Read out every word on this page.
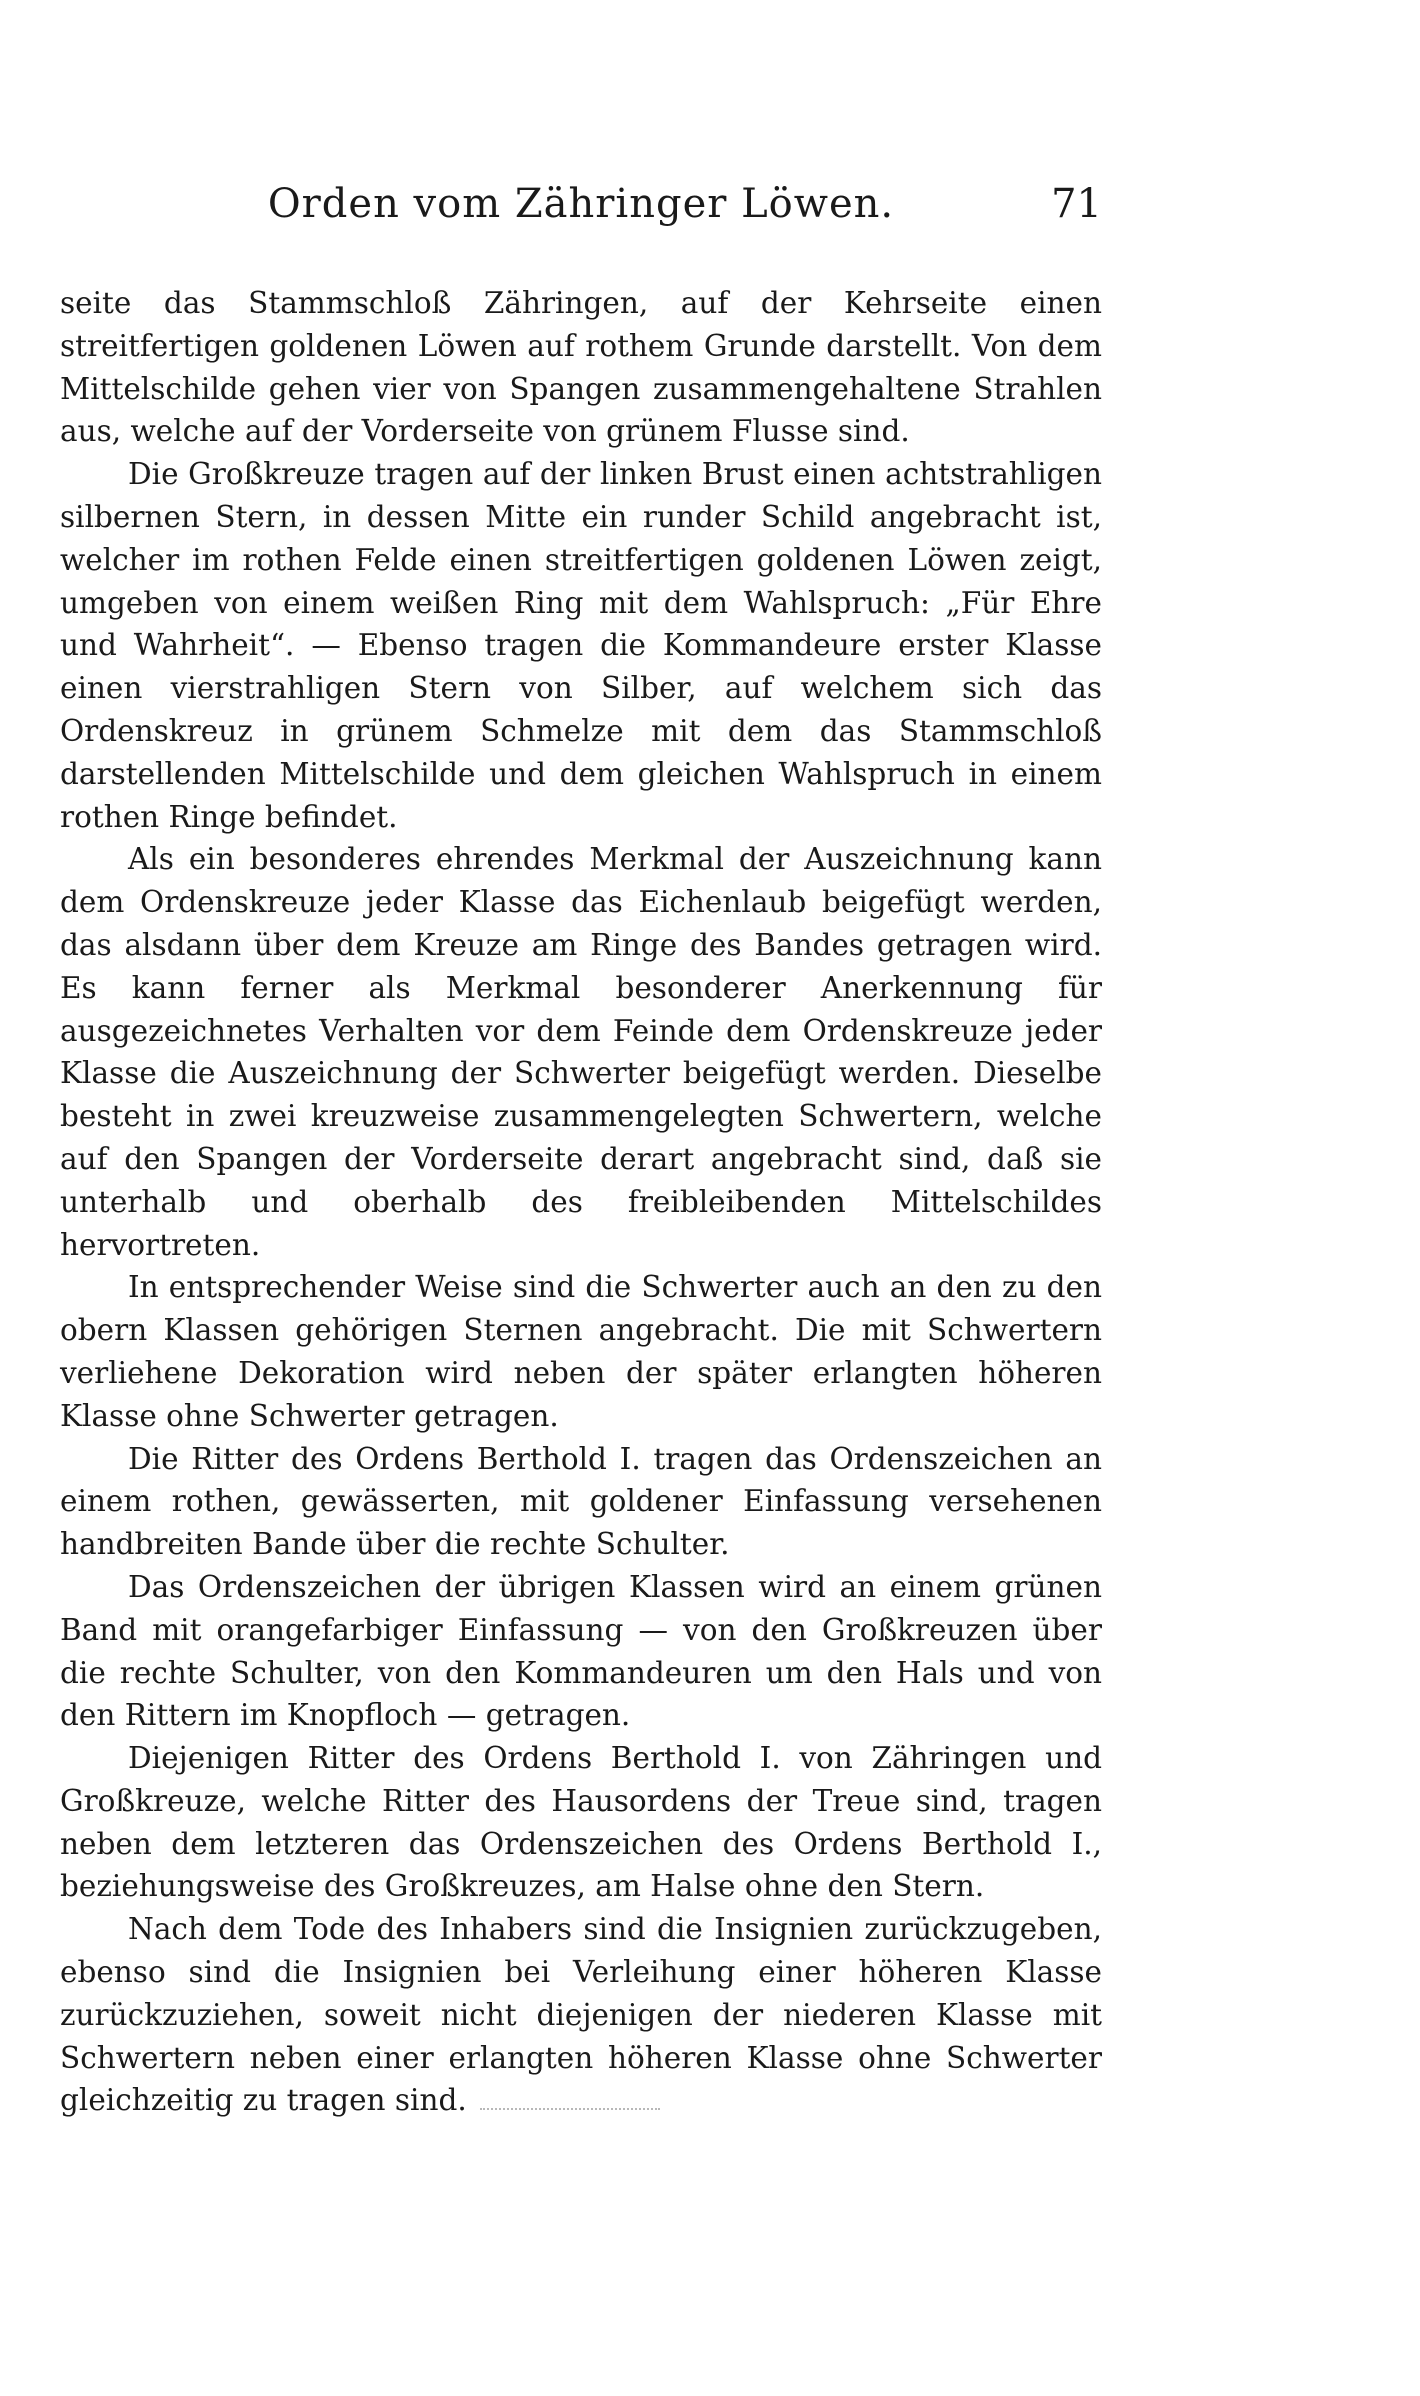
Orden vom Zähringer Löwen.	71

seite das Stammschloß Zähringen, auf der Kehrseite einen streitfertigen goldenen Löwen auf rothem Grunde darstellt. Von dem Mittelschilde gehen vier von Spangen zusammengehaltene Strahlen aus, welche auf der Vorderseite von grünem Flusse sind.

Die Großkreuze tragen auf der linken Brust einen achtstrahligen silbernen Stern, in dessen Mitte ein runder Schild angebracht ist, welcher im rothen Felde einen streitfertigen goldenen Löwen zeigt, umgeben von einem weißen Ring mit dem Wahlspruch: „Für Ehre und Wahrheit“. — Ebenso tragen die Kommandeure erster Klasse einen vierstrahligen Stern von Silber, auf welchem sich das Ordenskreuz in grünem Schmelze mit dem das Stammschloß darstellenden Mittelschilde und dem gleichen Wahlspruch in einem rothen Ringe befindet.

Als ein besonderes ehrendes Merkmal der Auszeichnung kann dem Ordenskreuze jeder Klasse das Eichenlaub beigefügt werden, das alsdann über dem Kreuze am Ringe des Bandes getragen wird. Es kann ferner als Merkmal besonderer Anerkennung für ausgezeichnetes Verhalten vor dem Feinde dem Ordenskreuze jeder Klasse die Auszeichnung der Schwerter beigefügt werden. Dieselbe besteht in zwei kreuzweise zusammengelegten Schwertern, welche auf den Spangen der Vorderseite derart angebracht sind, daß sie unterhalb und oberhalb des freibleibenden Mittelschildes hervortreten.

In entsprechender Weise sind die Schwerter auch an den zu den obern Klassen gehörigen Sternen angebracht. Die mit Schwertern verliehene Dekoration wird neben der später erlangten höheren Klasse ohne Schwerter getragen.

Die Ritter des Ordens Berthold I. tragen das Ordenszeichen an einem rothen, gewässerten, mit goldener Einfassung versehenen handbreiten Bande über die rechte Schulter.

Das Ordenszeichen der übrigen Klassen wird an einem grünen Band mit orangefarbiger Einfassung — von den Großkreuzen über die rechte Schulter, von den Kommandeuren um den Hals und von den Rittern im Knopfloch — getragen.

Diejenigen Ritter des Ordens Berthold I. von Zähringen und Großkreuze, welche Ritter des Hausordens der Treue sind, tragen neben dem letzteren das Ordenszeichen des Ordens Berthold I., beziehungsweise des Großkreuzes, am Halse ohne den Stern.

Nach dem Tode des Inhabers sind die Insignien zurückzugeben, ebenso sind die Insignien bei Verleihung einer höheren Klasse zurückzuziehen, soweit nicht diejenigen der niederen Klasse mit Schwertern neben einer erlangten höheren Klasse ohne Schwerter gleichzeitig zu tragen sind.
